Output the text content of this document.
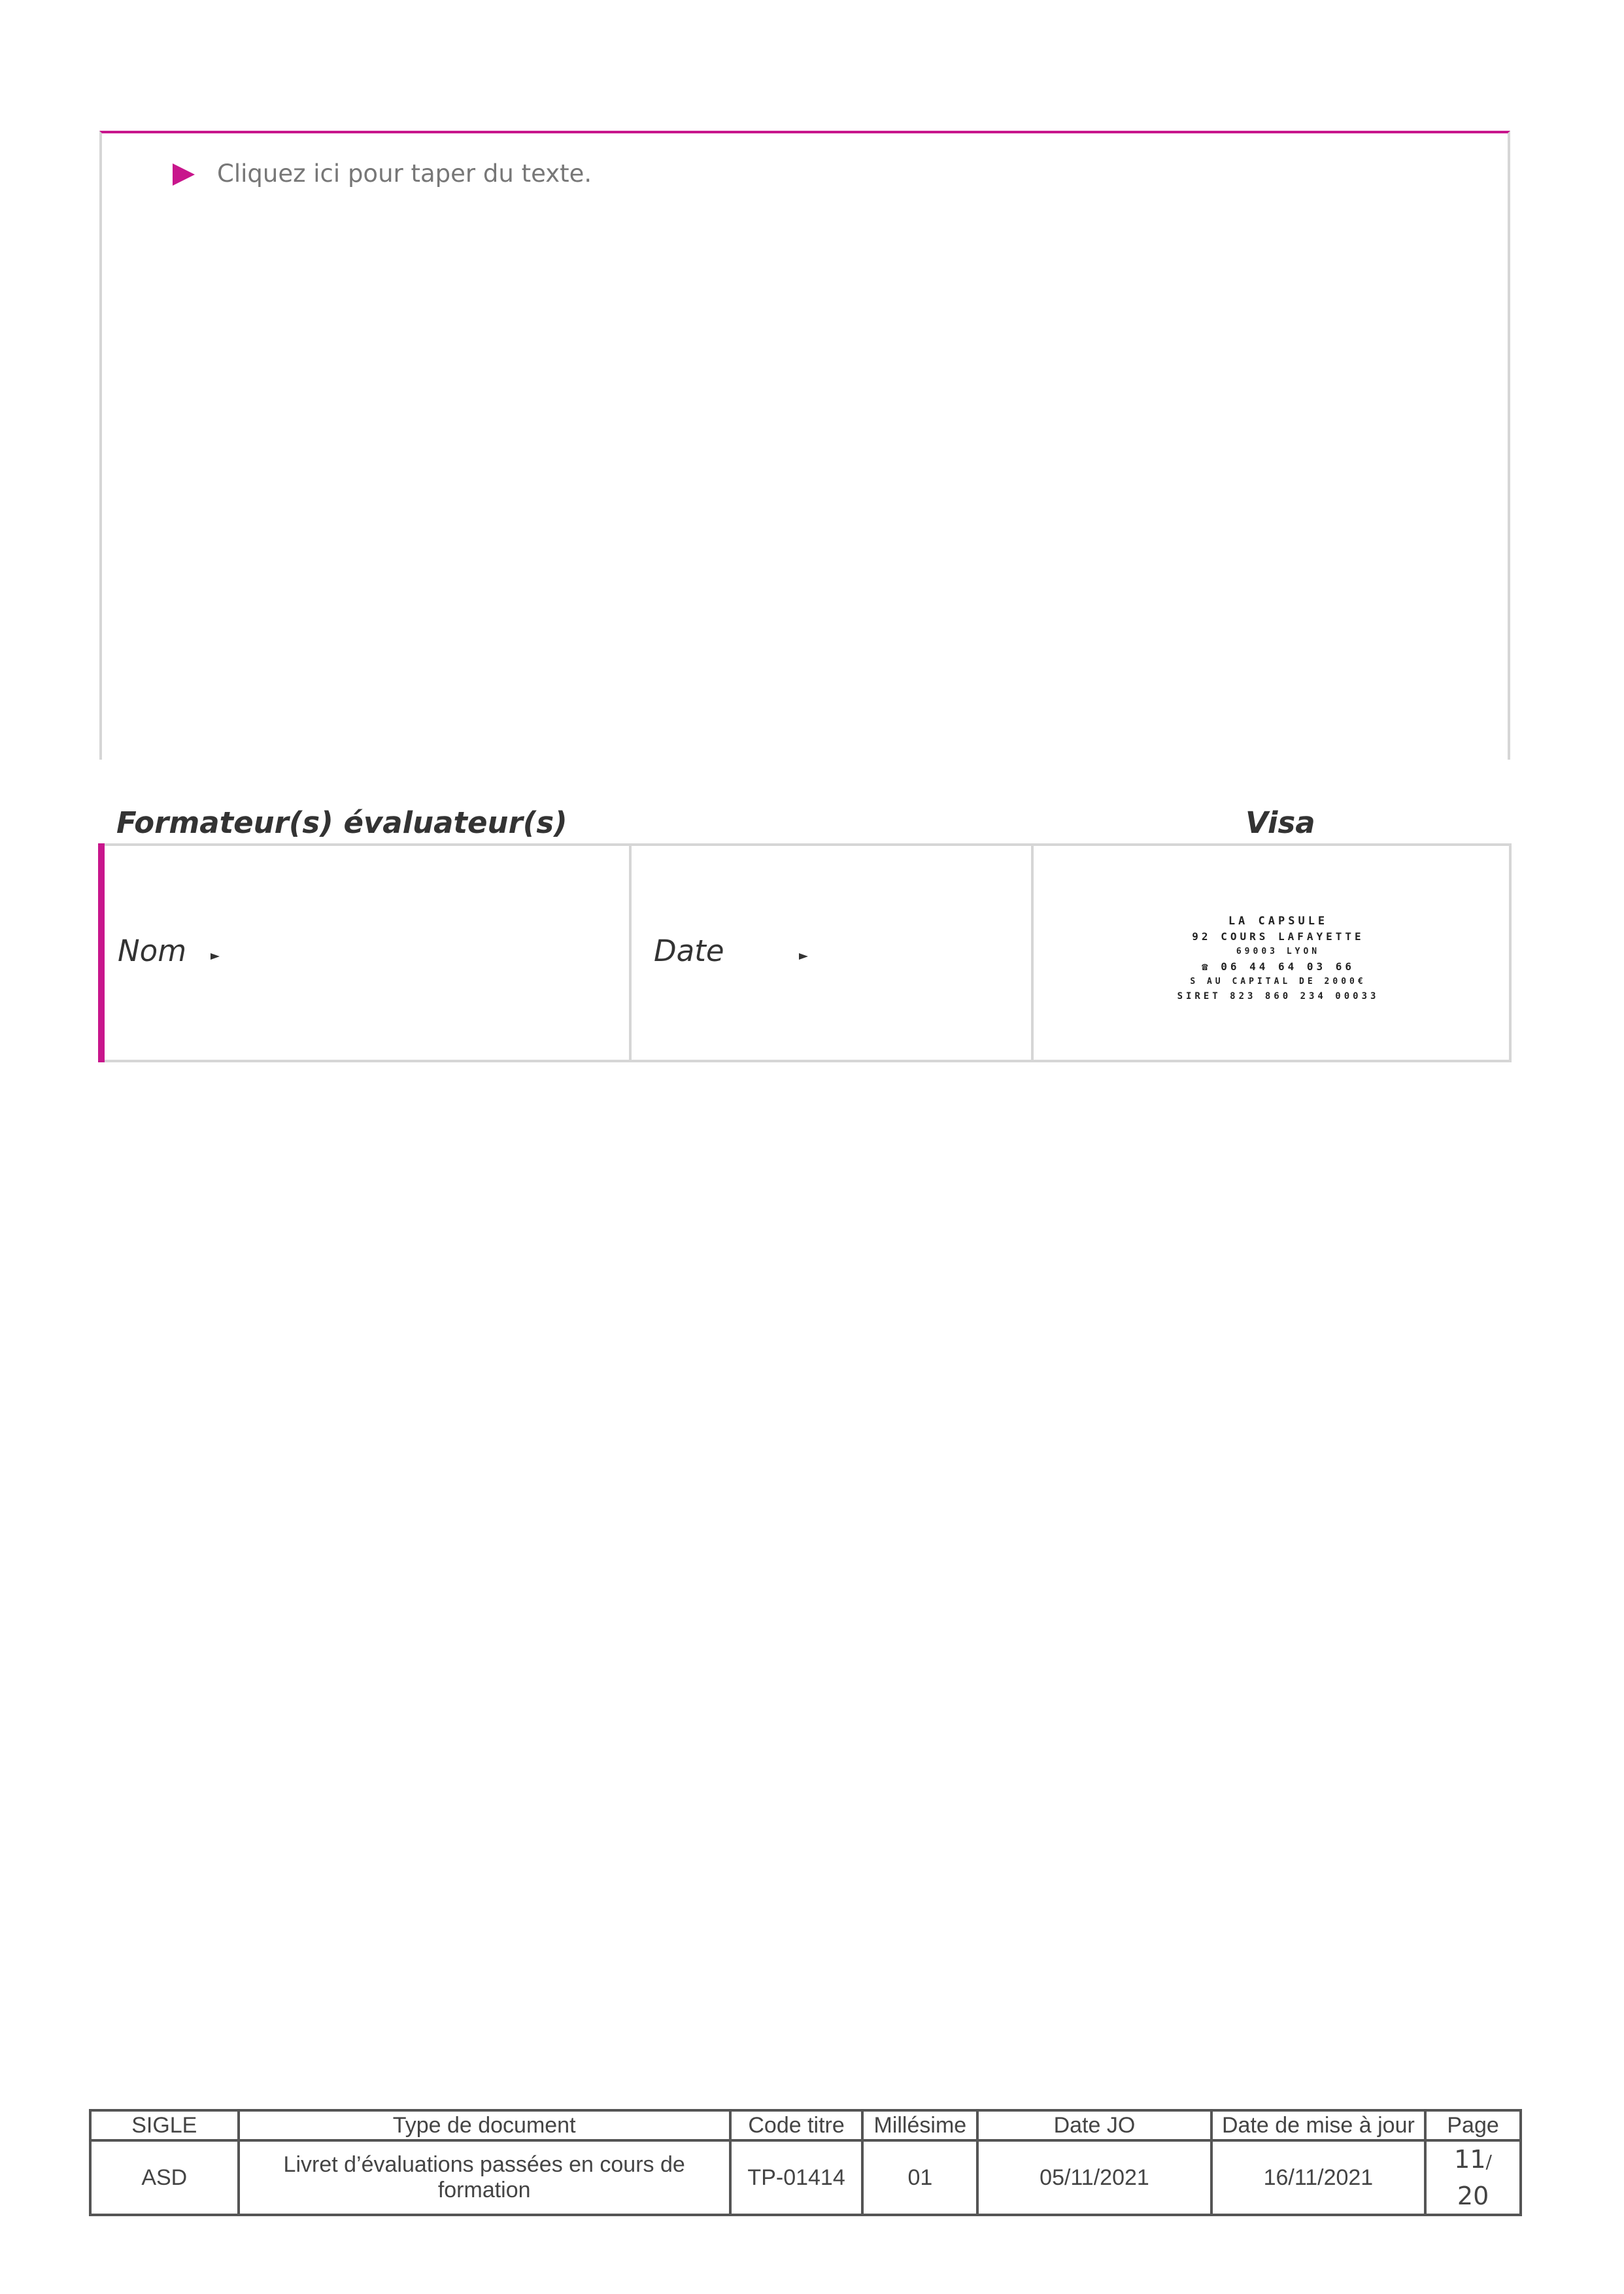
Cliquez ici pour taper du texte.
Formateur(s) évaluateur(s)	Visa
Nom	Date
LA CAPSULE
92 COURS LAFAYETTE
69003 LYON
☎ 06 44 64 03 66
S AU CAPITAL DE 2000€
SIRET 823 860 234 00033
SIGLE	Type de document	Code titre	Millésime	Date JO	Date de mise à jour	Page
ASD	Livret d’évaluations passées en cours de formation	TP-01414	01	05/11/2021	16/11/2021	11/
20
